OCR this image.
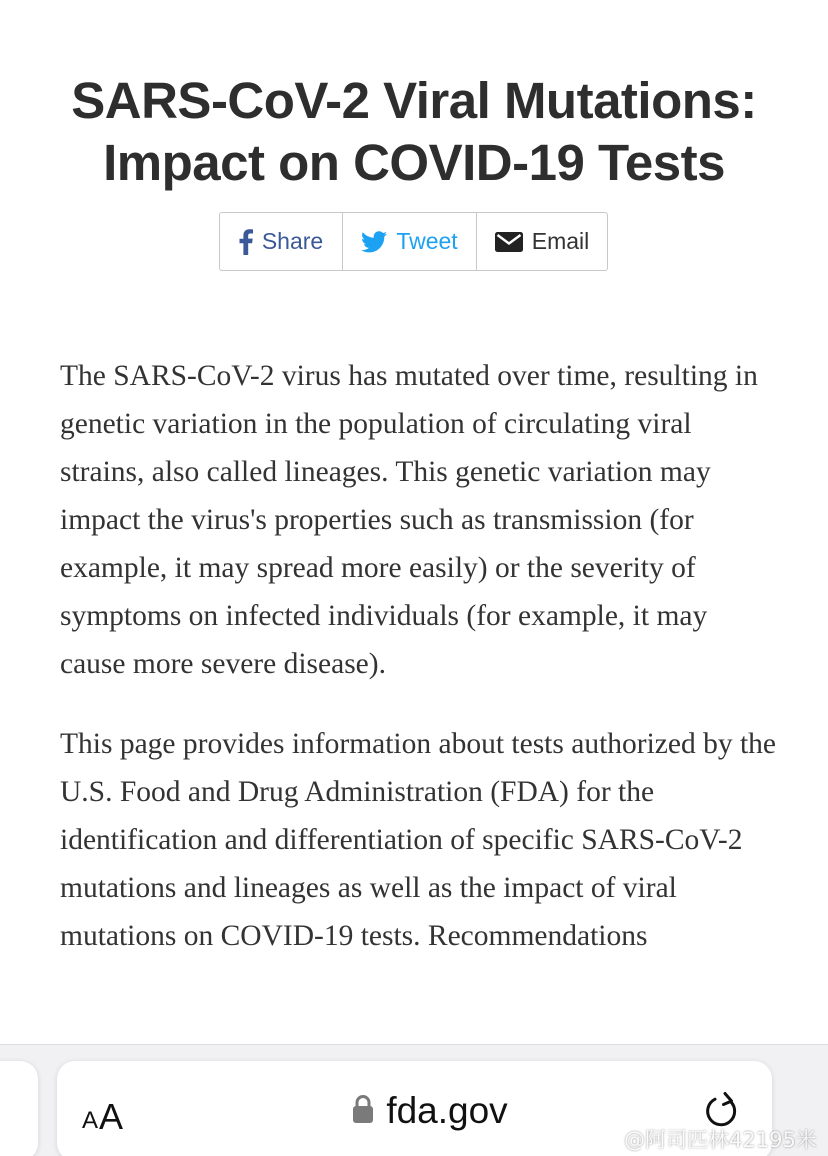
SARS-CoV-2 Viral Mutations:
Impact on COVID-19 Tests
Share	Tweet	Email

The SARS-CoV-2 virus has mutated over time, resulting in genetic variation in the population of circulating viral strains, also called lineages. This genetic variation may impact the virus's properties such as transmission (for example, it may spread more easily) or the severity of symptoms on infected individuals (for example, it may cause more severe disease).

This page provides information about tests authorized by the U.S. Food and Drug Administration (FDA) for the identification and differentiation of specific SARS-CoV-2 mutations and lineages as well as the impact of viral mutations on COVID-19 tests. Recommendations

A A	fda.gov
@阿司匹林42195米
